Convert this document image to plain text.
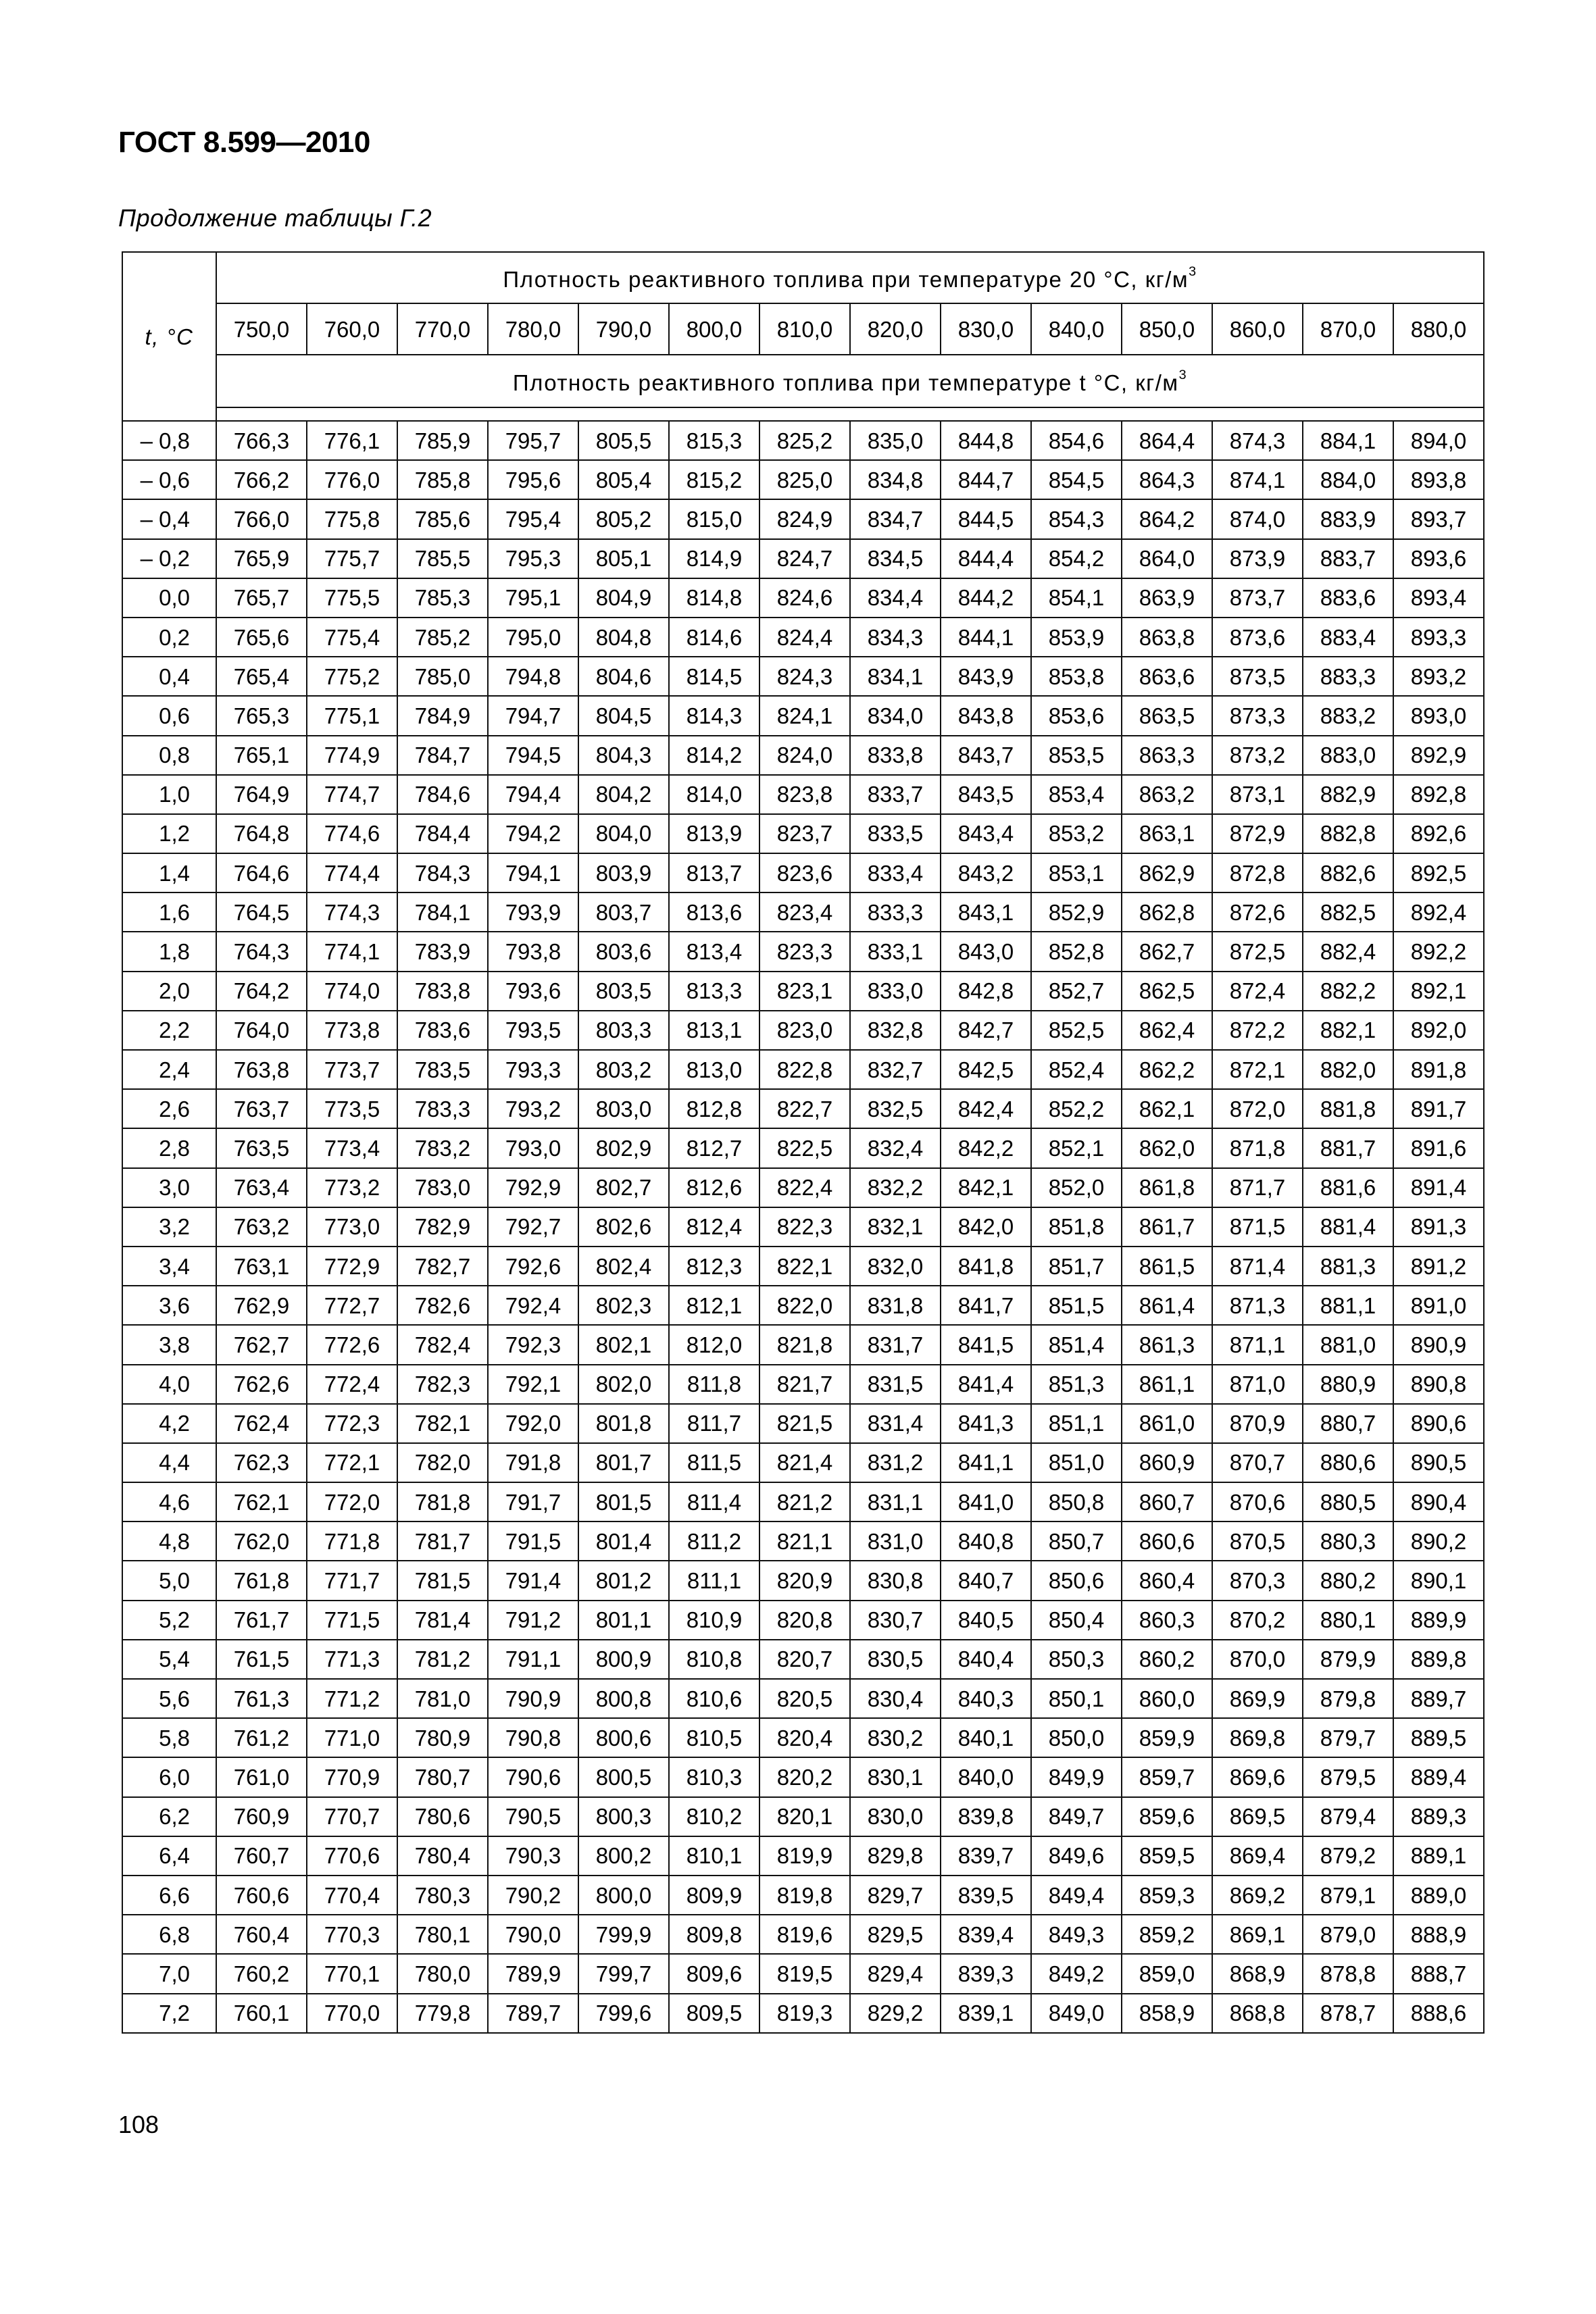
ГОСТ 8.599—2010
Продолжение таблицы Г.2
t, °C	Плотность реактивного топлива при температуре 20 °С, $кг/м^3$
	750,0	760,0	770,0	780,0	790,0	800,0	810,0	820,0	830,0	840,0	850,0	860,0	870,0	880,0
	Плотность реактивного топлива при температуре t °С, $кг/м^3$

– 0,8	766,3	776,1	785,9	795,7	805,5	815,3	825,2	835,0	844,8	854,6	864,4	874,3	884,1	894,0
– 0,6	766,2	776,0	785,8	795,6	805,4	815,2	825,0	834,8	844,7	854,5	864,3	874,1	884,0	893,8
– 0,4	766,0	775,8	785,6	795,4	805,2	815,0	824,9	834,7	844,5	854,3	864,2	874,0	883,9	893,7
– 0,2	765,9	775,7	785,5	795,3	805,1	814,9	824,7	834,5	844,4	854,2	864,0	873,9	883,7	893,6
0,0	765,7	775,5	785,3	795,1	804,9	814,8	824,6	834,4	844,2	854,1	863,9	873,7	883,6	893,4
0,2	765,6	775,4	785,2	795,0	804,8	814,6	824,4	834,3	844,1	853,9	863,8	873,6	883,4	893,3
0,4	765,4	775,2	785,0	794,8	804,6	814,5	824,3	834,1	843,9	853,8	863,6	873,5	883,3	893,2
0,6	765,3	775,1	784,9	794,7	804,5	814,3	824,1	834,0	843,8	853,6	863,5	873,3	883,2	893,0
0,8	765,1	774,9	784,7	794,5	804,3	814,2	824,0	833,8	843,7	853,5	863,3	873,2	883,0	892,9
1,0	764,9	774,7	784,6	794,4	804,2	814,0	823,8	833,7	843,5	853,4	863,2	873,1	882,9	892,8
1,2	764,8	774,6	784,4	794,2	804,0	813,9	823,7	833,5	843,4	853,2	863,1	872,9	882,8	892,6
1,4	764,6	774,4	784,3	794,1	803,9	813,7	823,6	833,4	843,2	853,1	862,9	872,8	882,6	892,5
1,6	764,5	774,3	784,1	793,9	803,7	813,6	823,4	833,3	843,1	852,9	862,8	872,6	882,5	892,4
1,8	764,3	774,1	783,9	793,8	803,6	813,4	823,3	833,1	843,0	852,8	862,7	872,5	882,4	892,2
2,0	764,2	774,0	783,8	793,6	803,5	813,3	823,1	833,0	842,8	852,7	862,5	872,4	882,2	892,1
2,2	764,0	773,8	783,6	793,5	803,3	813,1	823,0	832,8	842,7	852,5	862,4	872,2	882,1	892,0
2,4	763,8	773,7	783,5	793,3	803,2	813,0	822,8	832,7	842,5	852,4	862,2	872,1	882,0	891,8
2,6	763,7	773,5	783,3	793,2	803,0	812,8	822,7	832,5	842,4	852,2	862,1	872,0	881,8	891,7
2,8	763,5	773,4	783,2	793,0	802,9	812,7	822,5	832,4	842,2	852,1	862,0	871,8	881,7	891,6
3,0	763,4	773,2	783,0	792,9	802,7	812,6	822,4	832,2	842,1	852,0	861,8	871,7	881,6	891,4
3,2	763,2	773,0	782,9	792,7	802,6	812,4	822,3	832,1	842,0	851,8	861,7	871,5	881,4	891,3
3,4	763,1	772,9	782,7	792,6	802,4	812,3	822,1	832,0	841,8	851,7	861,5	871,4	881,3	891,2
3,6	762,9	772,7	782,6	792,4	802,3	812,1	822,0	831,8	841,7	851,5	861,4	871,3	881,1	891,0
3,8	762,7	772,6	782,4	792,3	802,1	812,0	821,8	831,7	841,5	851,4	861,3	871,1	881,0	890,9
4,0	762,6	772,4	782,3	792,1	802,0	811,8	821,7	831,5	841,4	851,3	861,1	871,0	880,9	890,8
4,2	762,4	772,3	782,1	792,0	801,8	811,7	821,5	831,4	841,3	851,1	861,0	870,9	880,7	890,6
4,4	762,3	772,1	782,0	791,8	801,7	811,5	821,4	831,2	841,1	851,0	860,9	870,7	880,6	890,5
4,6	762,1	772,0	781,8	791,7	801,5	811,4	821,2	831,1	841,0	850,8	860,7	870,6	880,5	890,4
4,8	762,0	771,8	781,7	791,5	801,4	811,2	821,1	831,0	840,8	850,7	860,6	870,5	880,3	890,2
5,0	761,8	771,7	781,5	791,4	801,2	811,1	820,9	830,8	840,7	850,6	860,4	870,3	880,2	890,1
5,2	761,7	771,5	781,4	791,2	801,1	810,9	820,8	830,7	840,5	850,4	860,3	870,2	880,1	889,9
5,4	761,5	771,3	781,2	791,1	800,9	810,8	820,7	830,5	840,4	850,3	860,2	870,0	879,9	889,8
5,6	761,3	771,2	781,0	790,9	800,8	810,6	820,5	830,4	840,3	850,1	860,0	869,9	879,8	889,7
5,8	761,2	771,0	780,9	790,8	800,6	810,5	820,4	830,2	840,1	850,0	859,9	869,8	879,7	889,5
6,0	761,0	770,9	780,7	790,6	800,5	810,3	820,2	830,1	840,0	849,9	859,7	869,6	879,5	889,4
6,2	760,9	770,7	780,6	790,5	800,3	810,2	820,1	830,0	839,8	849,7	859,6	869,5	879,4	889,3
6,4	760,7	770,6	780,4	790,3	800,2	810,1	819,9	829,8	839,7	849,6	859,5	869,4	879,2	889,1
6,6	760,6	770,4	780,3	790,2	800,0	809,9	819,8	829,7	839,5	849,4	859,3	869,2	879,1	889,0
6,8	760,4	770,3	780,1	790,0	799,9	809,8	819,6	829,5	839,4	849,3	859,2	869,1	879,0	888,9
7,0	760,2	770,1	780,0	789,9	799,7	809,6	819,5	829,4	839,3	849,2	859,0	868,9	878,8	888,7
7,2	760,1	770,0	779,8	789,7	799,6	809,5	819,3	829,2	839,1	849,0	858,9	868,8	878,7	888,6
108
